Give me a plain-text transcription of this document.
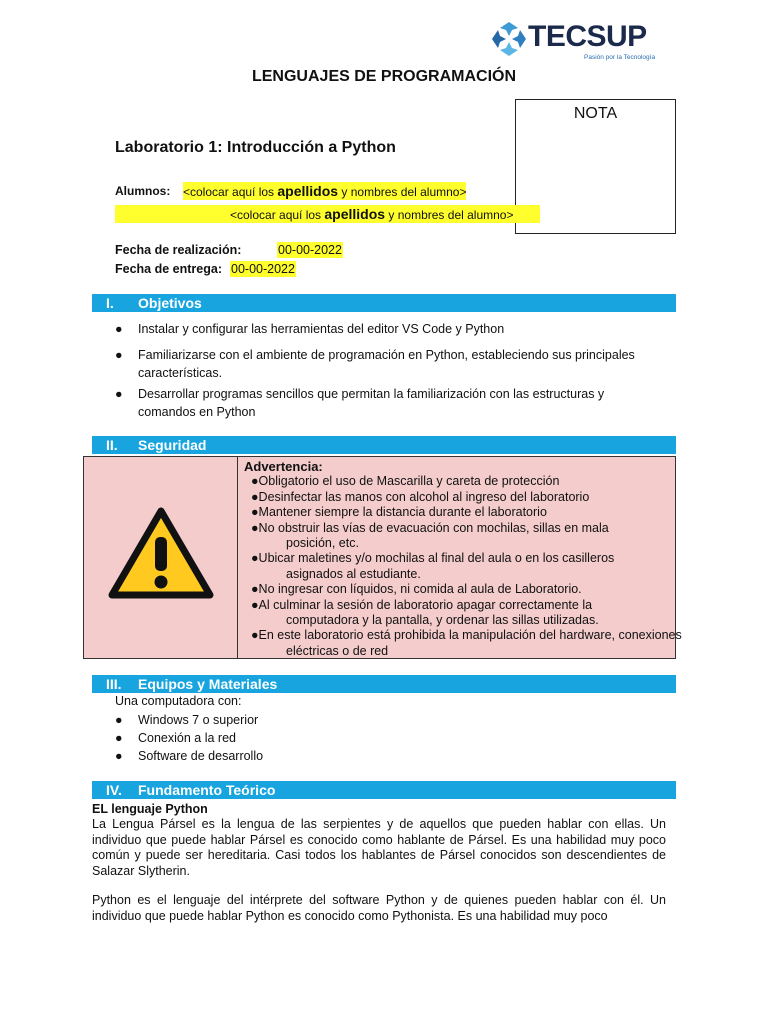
TECSUP
Pasión por la Tecnología
LENGUAJES DE PROGRAMACIÓN
NOTA
Laboratorio 1: Introducción a Python
Alumnos: <colocar aquí los apellidos y nombres del alumno>
<colocar aquí los apellidos y nombres del alumno>
Fecha de realización:	00-00-2022
Fecha de entrega: 00-00-2022
I. Objetivos
● Instalar y configurar las herramientas del editor VS Code y Python
● Familiarizarse con el ambiente de programación en Python, estableciendo sus principales características.
● Desarrollar programas sencillos que permitan la familiarización con las estructuras y comandos en Python
II. Seguridad
Advertencia:
●Obligatorio el uso de Mascarilla y careta de protección
●Desinfectar las manos con alcohol al ingreso del laboratorio
●Mantener siempre la distancia durante el laboratorio
●No obstruir las vías de evacuación con mochilas, sillas en mala posición, etc.
●Ubicar maletines y/o mochilas al final del aula o en los casilleros asignados al estudiante.
●No ingresar con líquidos, ni comida al aula de Laboratorio.
●Al culminar la sesión de laboratorio apagar correctamente la computadora y la pantalla, y ordenar las sillas utilizadas.
●En este laboratorio está prohibida la manipulación del hardware, conexiones eléctricas o de red
III. Equipos y Materiales
Una computadora con:
● Windows 7 o superior
● Conexión a la red
● Software de desarrollo
IV. Fundamento Teórico
EL lenguaje Python
La Lengua Pársel es la lengua de las serpientes y de aquellos que pueden hablar con ellas. Un individuo que puede hablar Pársel es conocido como hablante de Pársel. Es una habilidad muy poco común y puede ser hereditaria. Casi todos los hablantes de Pársel conocidos son descendientes de Salazar Slytherin.
Python es el lenguaje del intérprete del software Python y de quienes pueden hablar con él. Un individuo que puede hablar Python es conocido como Pythonista. Es una habilidad muy poco
